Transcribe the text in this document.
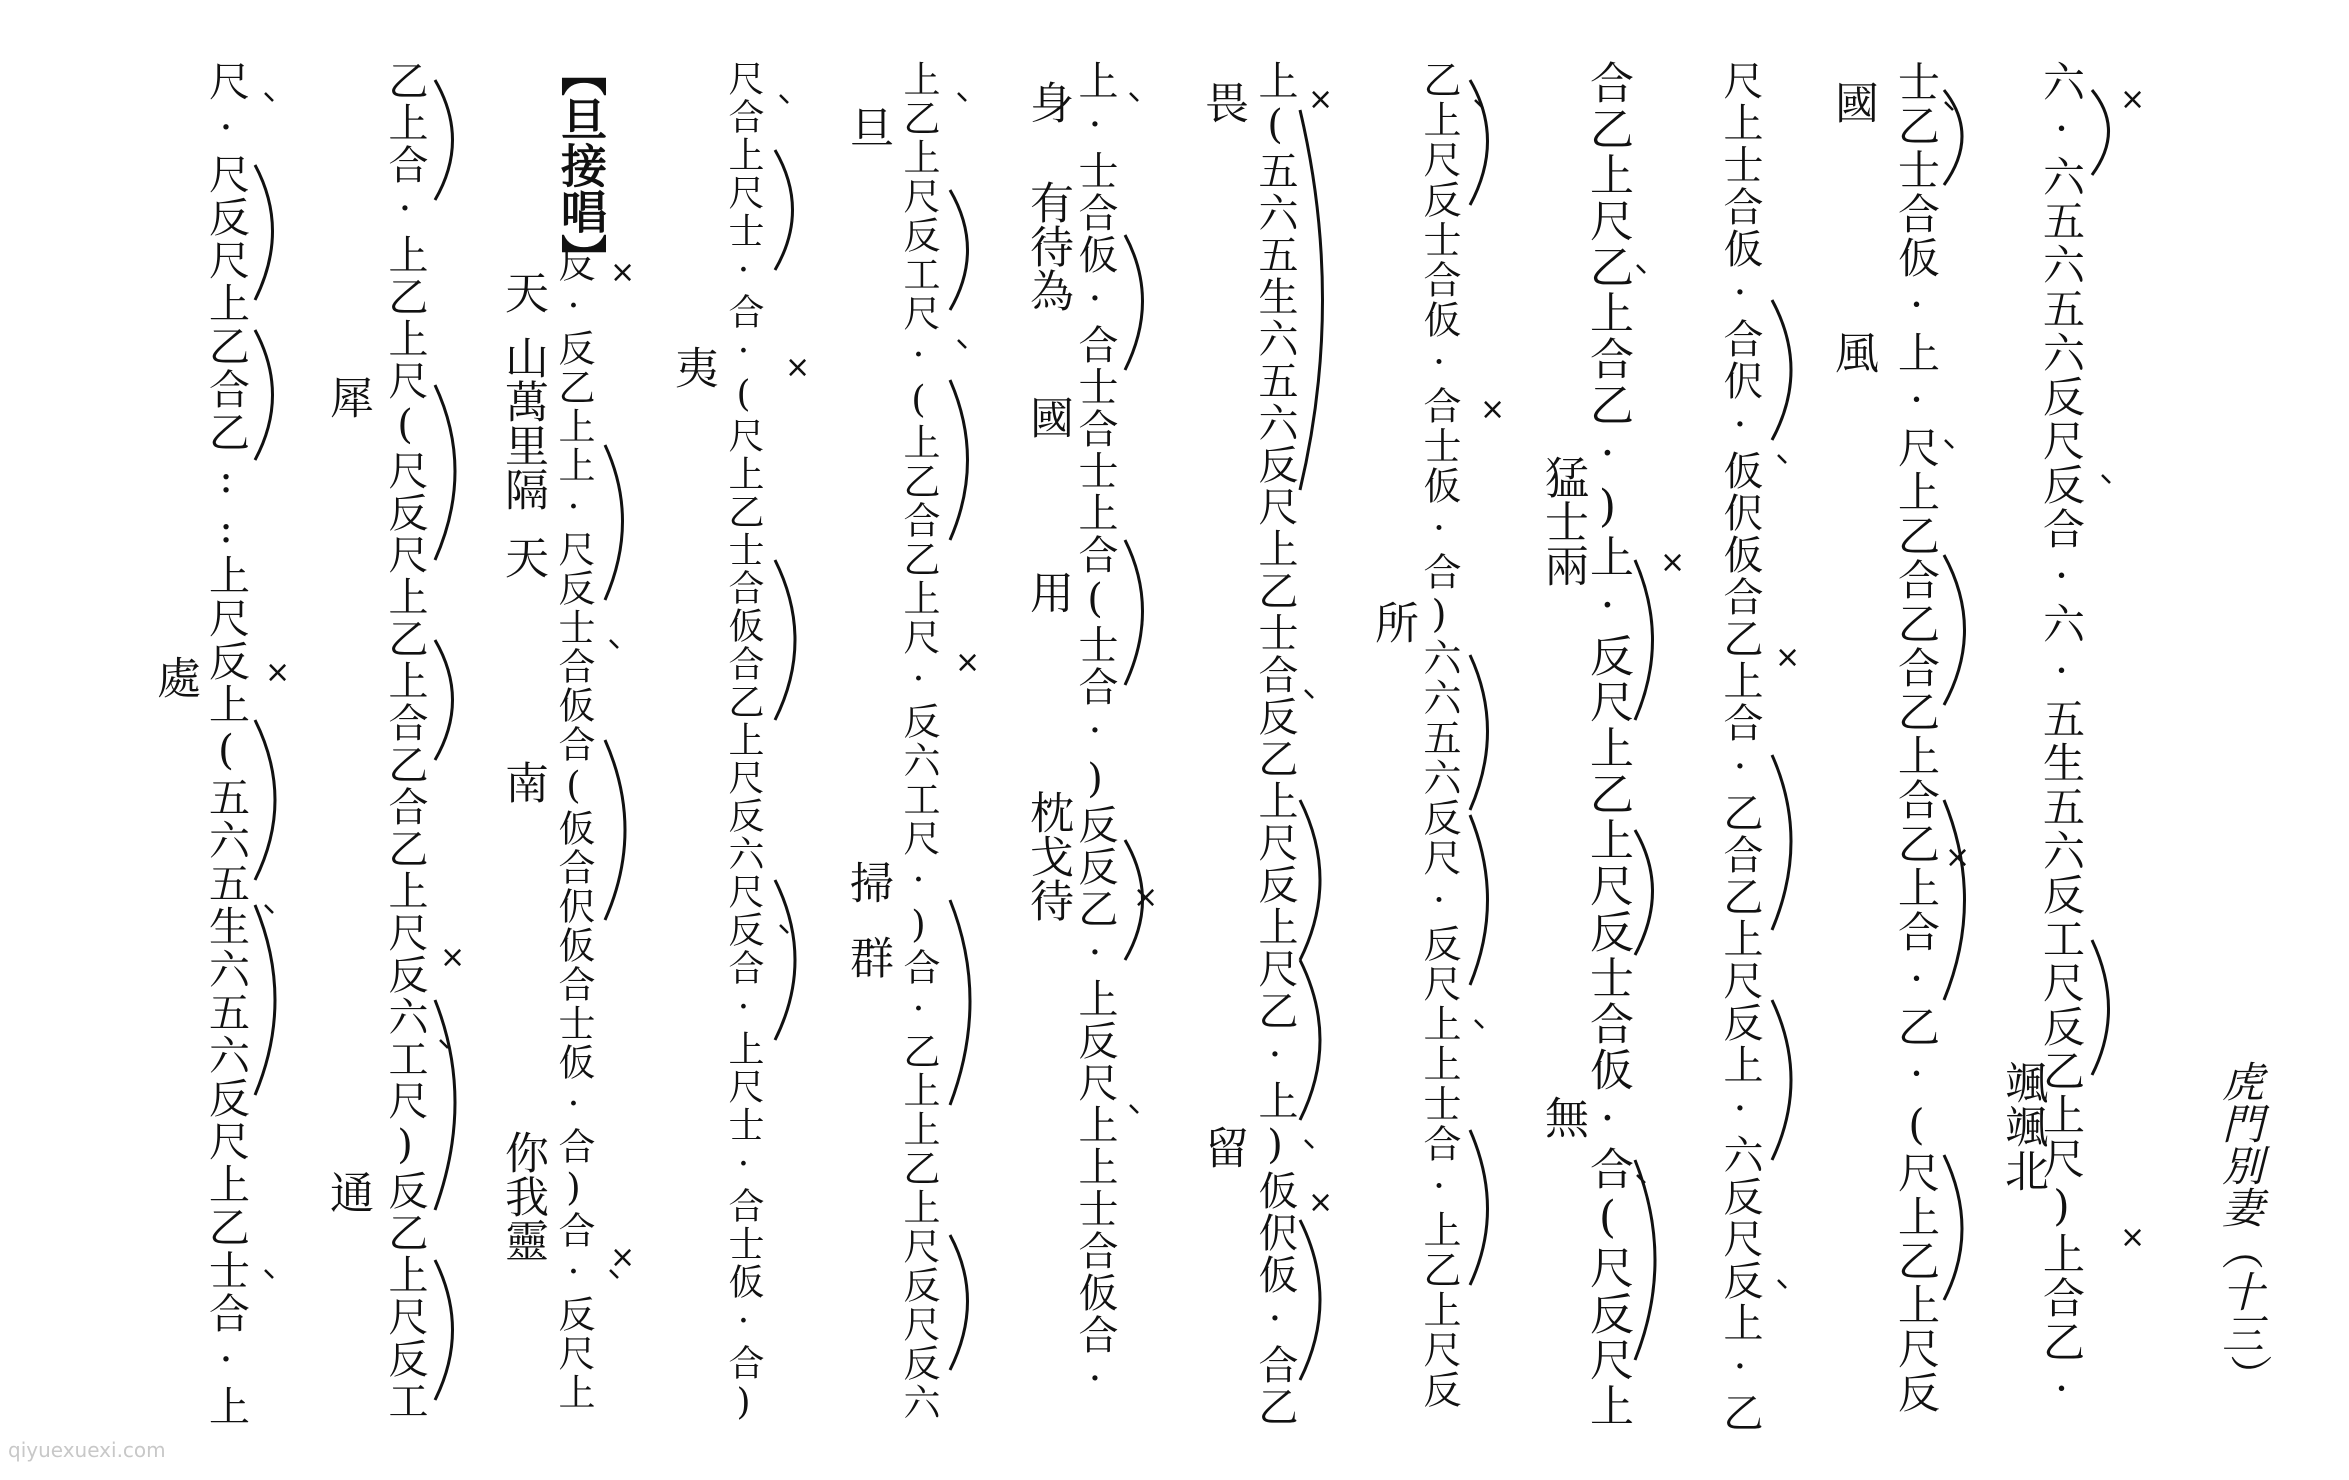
虎門別妻（十三）
六·六五六五六反尺反合·六·五生五六反工尺反乙上尺)上合乙·
士乙士合仮·上·尺上乙合乙合乙上合乙上合·乙·(尺上乙上尺反
尺上士合仮·合伬·仮伬仮合乙上合·乙合乙上尺反上·六反尺反上·乙
合乙上尺乙上合乙·)上·反尺上乙上尺反士合仮·合(尺反尺上
乙上尺反士合仮·合士仮·合)六六五六反尺·反尺上上士合·上乙上尺反
上(五六五生六五六反尺上乙士合反乙上尺反上尺乙·上)仮伬仮·合乙
上·士合仮·合士合士上合(士合·)反反乙·上反尺上上士合仮合·
上乙上尺反工尺·(上乙合乙上尺·反六工尺·)合·乙上上乙上尺反尺反六
尺合上尺士·合·(尺上乙士合仮合乙上尺反六尺反合·上尺士·合士仮·合)
反·反乙上上·尺反士合仮合(仮合伬仮合士仮·合)合·反尺上
乙上合·上乙上尺(尺反尺上乙上合乙合乙上尺反六工尺)反乙上尺反工
尺·尺反尺上乙合乙::上尺反上(五六五生六五六反尺上乙士合·上	【旦接唱】
颯颯北
風
國
猛士兩
無
所
畏
留
身
有待為
國
用
枕戈待
旦
掃
群
夷
天
山萬里隔
天
南
你我靈
犀
通
處
×
×
×
×
×
×
×
×
×
×
×
×
×
×
×
qiyuexuexi.com
